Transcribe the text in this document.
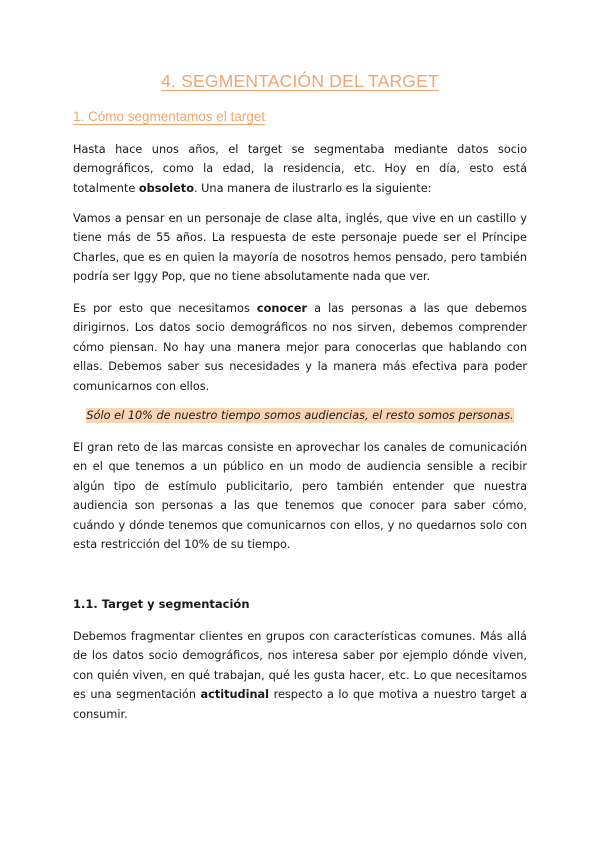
4. SEGMENTACIÓN DEL TARGET
1. Cómo segmentamos el target

Hasta hace unos años, el target se segmentaba mediante datos socio demográficos, como la edad, la residencia, etc. Hoy en día, esto está totalmente obsoleto. Una manera de ilustrarlo es la siguiente:

Vamos a pensar en un personaje de clase alta, inglés, que vive en un castillo y tiene más de 55 años. La respuesta de este personaje puede ser el Príncipe Charles, que es en quien la mayoría de nosotros hemos pensado, pero también podría ser Iggy Pop, que no tiene absolutamente nada que ver.

Es por esto que necesitamos conocer a las personas a las que debemos dirigirnos. Los datos socio demográficos no nos sirven, debemos comprender cómo piensan. No hay una manera mejor para conocerlas que hablando con ellas. Debemos saber sus necesidades y la manera más efectiva para poder comunicarnos con ellos.

Sólo el 10% de nuestro tiempo somos audiencias, el resto somos personas.

El gran reto de las marcas consiste en aprovechar los canales de comunicación en el que tenemos a un público en un modo de audiencia sensible a recibir algún tipo de estímulo publicitario, pero también entender que nuestra audiencia son personas a las que tenemos que conocer para saber cómo, cuándo y dónde tenemos que comunicarnos con ellos, y no quedarnos solo con esta restricción del 10% de su tiempo.

1.1. Target y segmentación

Debemos fragmentar clientes en grupos con características comunes. Más allá de los datos socio demográficos, nos interesa saber por ejemplo dónde viven, con quién viven, en qué trabajan, qué les gusta hacer, etc. Lo que necesitamos es una segmentación actitudinal respecto a lo que motiva a nuestro target a consumir.
